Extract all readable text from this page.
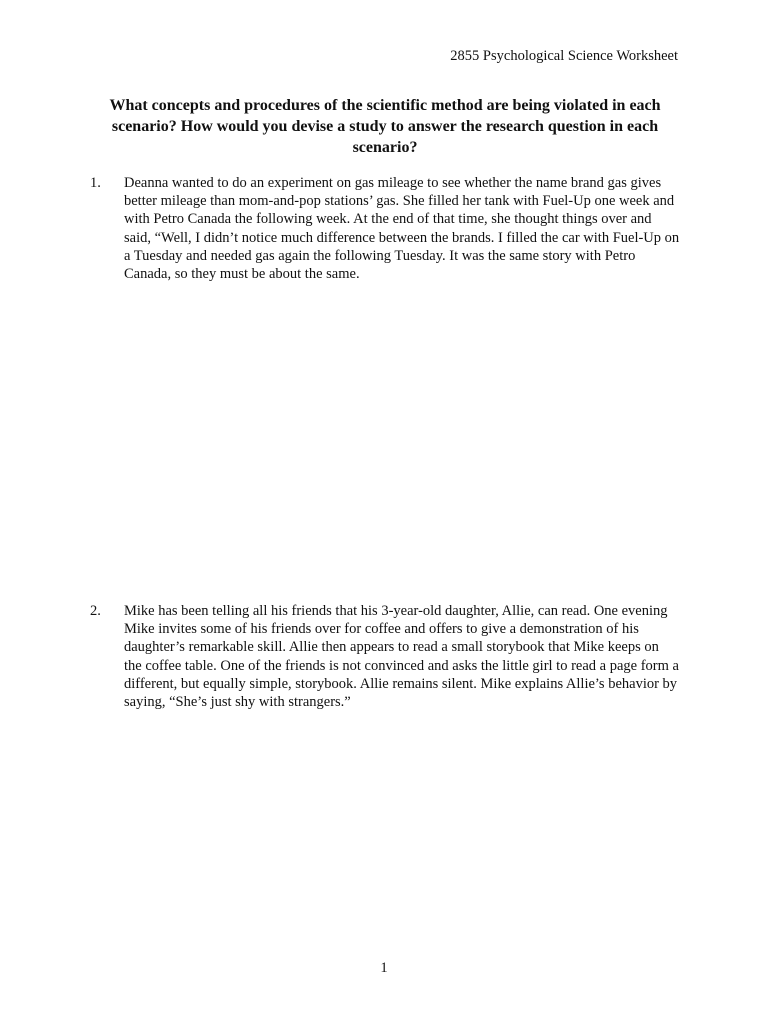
2855 Psychological Science Worksheet
What concepts and procedures of the scientific method are being violated in each scenario? How would you devise a study to answer the research question in each scenario?
1. Deanna wanted to do an experiment on gas mileage to see whether the name brand gas gives better mileage than mom-and-pop stations’ gas. She filled her tank with Fuel-Up one week and with Petro Canada the following week. At the end of that time, she thought things over and said, “Well, I didn’t notice much difference between the brands. I filled the car with Fuel-Up on a Tuesday and needed gas again the following Tuesday. It was the same story with Petro Canada, so they must be about the same.
2. Mike has been telling all his friends that his 3-year-old daughter, Allie, can read. One evening Mike invites some of his friends over for coffee and offers to give a demonstration of his daughter’s remarkable skill. Allie then appears to read a small storybook that Mike keeps on the coffee table. One of the friends is not convinced and asks the little girl to read a page form a different, but equally simple, storybook. Allie remains silent. Mike explains Allie’s behavior by saying, “She’s just shy with strangers.”
1
